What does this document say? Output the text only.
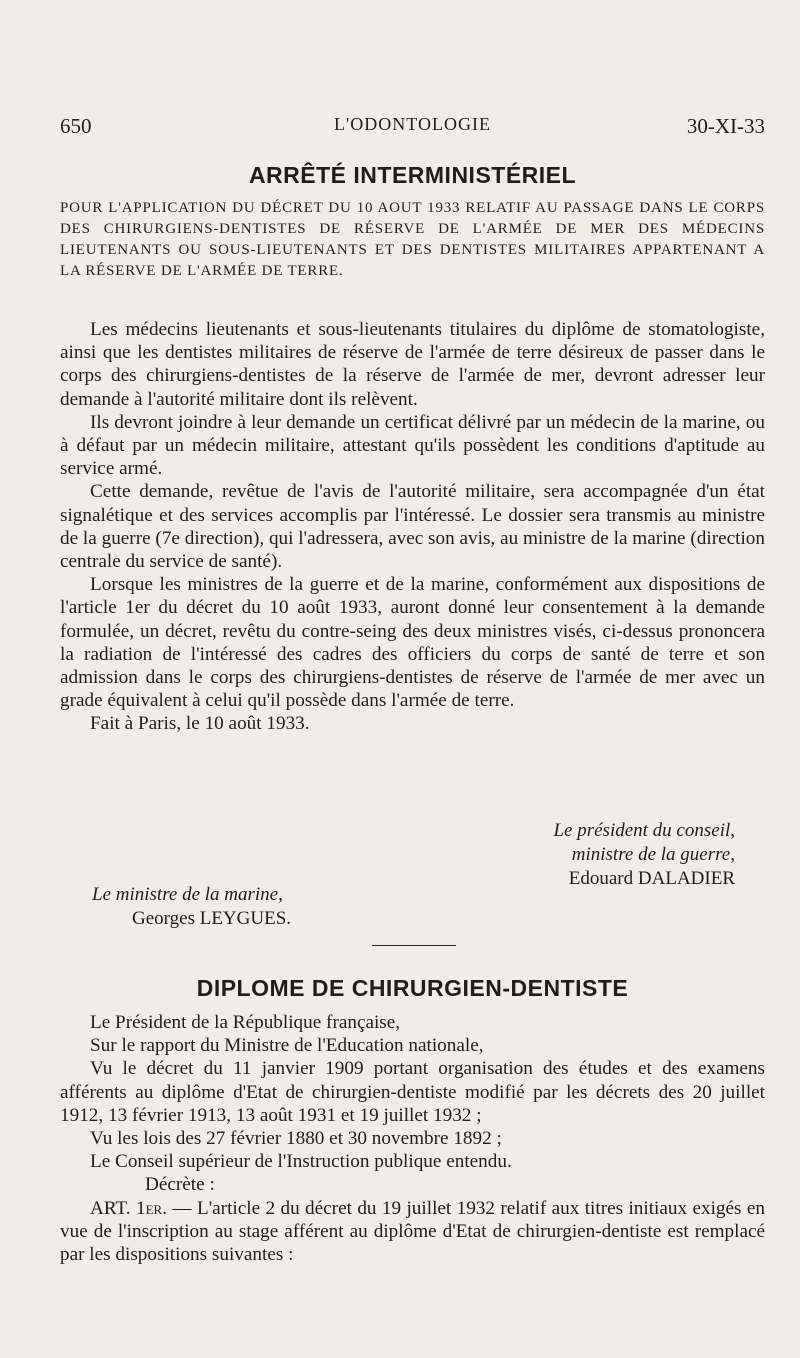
650	L'ODONTOLOGIE	30-XI-33
ARRÊTÉ INTERMINISTÉRIEL
POUR L'APPLICATION DU DÉCRET DU 10 AOUT 1933 RELATIF AU PASSAGE DANS LE CORPS DES CHIRURGIENS-DENTISTES DE RÉSERVE DE L'ARMÉE DE MER DES MÉDECINS LIEUTENANTS OU SOUS-LIEUTENANTS ET DES DENTISTES MILITAIRES APPARTENANT A LA RÉSERVE DE L'ARMÉE DE TERRE.

Les médecins lieutenants et sous-lieutenants titulaires du diplôme de stomatologiste, ainsi que les dentistes militaires de réserve de l'armée de terre désireux de passer dans le corps des chirurgiens-dentistes de la réserve de l'armée de mer, devront adresser leur demande à l'autorité militaire dont ils relèvent.

Ils devront joindre à leur demande un certificat délivré par un médecin de la marine, ou à défaut par un médecin militaire, attestant qu'ils possèdent les conditions d'aptitude au service armé.

Cette demande, revêtue de l'avis de l'autorité militaire, sera accompagnée d'un état signalétique et des services accomplis par l'intéressé. Le dossier sera transmis au ministre de la guerre (7e direction), qui l'adressera, avec son avis, au ministre de la marine (direction centrale du service de santé).

Lorsque les ministres de la guerre et de la marine, conformément aux dispositions de l'article 1er du décret du 10 août 1933, auront donné leur consentement à la demande formulée, un décret, revêtu du contre-seing des deux ministres visés, ci-dessus prononcera la radiation de l'intéressé des cadres des officiers du corps de santé de terre et son admission dans le corps des chirurgiens-dentistes de réserve de l'armée de mer avec un grade équivalent à celui qu'il possède dans l'armée de terre.

Fait à Paris, le 10 août 1933.

Le président du conseil,
ministre de la guerre,
Edouard DALADIER
Le ministre de la marine,
Georges LEYGUES.
DIPLOME DE CHIRURGIEN-DENTISTE

Le Président de la République française,

Sur le rapport du Ministre de l'Education nationale,

Vu le décret du 11 janvier 1909 portant organisation des études et des examens afférents au diplôme d'Etat de chirurgien-dentiste modifié par les décrets des 20 juillet 1912, 13 février 1913, 13 août 1931 et 19 juillet 1932 ;

Vu les lois des 27 février 1880 et 30 novembre 1892 ;

Le Conseil supérieur de l'Instruction publique entendu.

Décrète :

ART. 1er. — L'article 2 du décret du 19 juillet 1932 relatif aux titres initiaux exigés en vue de l'inscription au stage afférent au diplôme d'Etat de chirurgien-dentiste est remplacé par les dispositions suivantes :
